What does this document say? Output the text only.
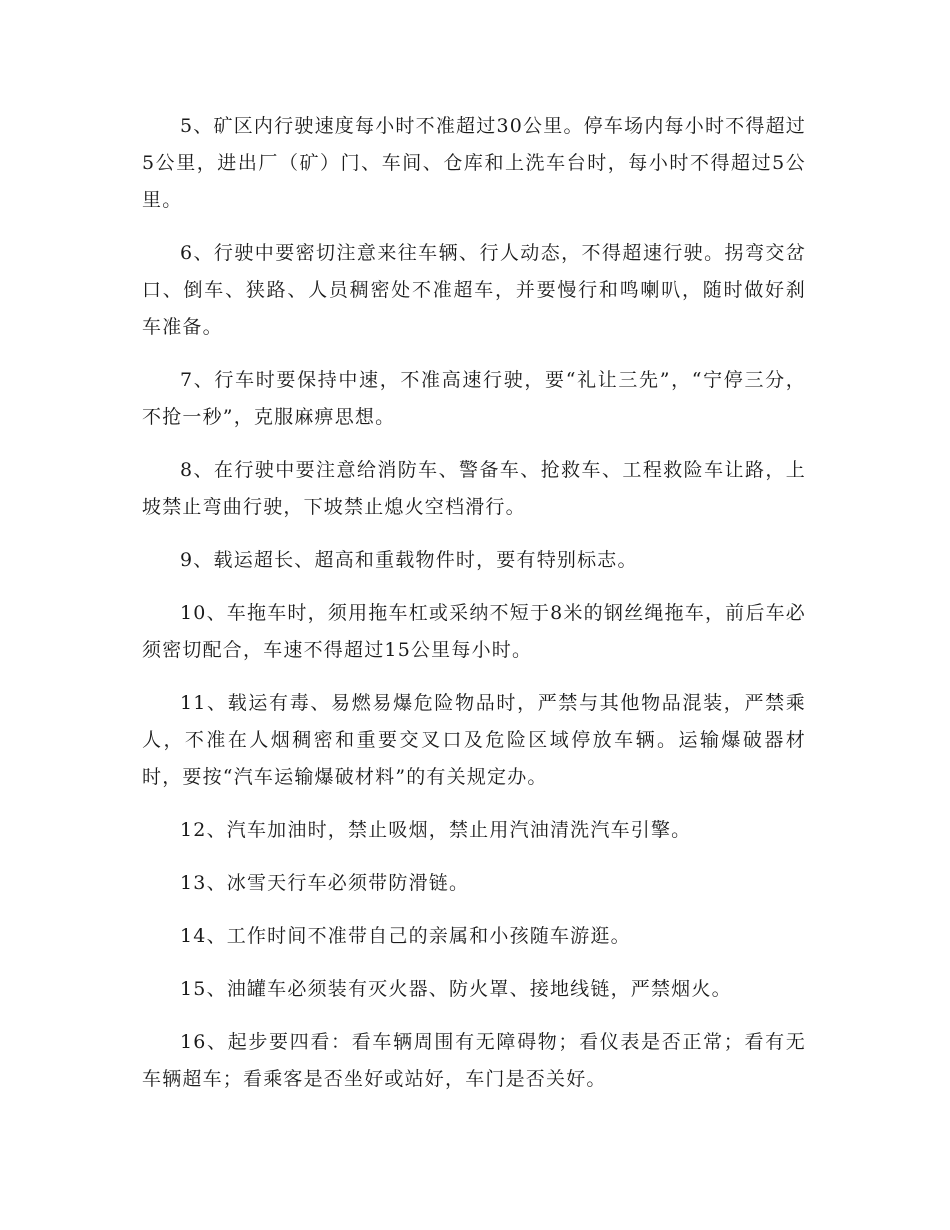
5、矿区内行驶速度每小时不准超过30公里。停车场内每小时不得超过5公里，进出厂（矿）门、车间、仓库和上洗车台时，每小时不得超过5公里。

6、行驶中要密切注意来往车辆、行人动态，不得超速行驶。拐弯交岔口、倒车、狭路、人员稠密处不准超车，并要慢行和鸣喇叭，随时做好刹车准备。

7、行车时要保持中速，不准高速行驶，要“礼让三先”，“宁停三分，不抢一秒”，克服麻痹思想。

8、在行驶中要注意给消防车、警备车、抢救车、工程救险车让路，上坡禁止弯曲行驶，下坡禁止熄火空档滑行。

9、载运超长、超高和重载物件时，要有特别标志。

10、车拖车时，须用拖车杠或采纳不短于8米的钢丝绳拖车，前后车必须密切配合，车速不得超过15公里每小时。

11、载运有毒、易燃易爆危险物品时，严禁与其他物品混装，严禁乘人，不准在人烟稠密和重要交叉口及危险区域停放车辆。运输爆破器材时，要按“汽车运输爆破材料”的有关规定办。

12、汽车加油时，禁止吸烟，禁止用汽油清洗汽车引擎。

13、冰雪天行车必须带防滑链。

14、工作时间不准带自己的亲属和小孩随车游逛。

15、油罐车必须装有灭火器、防火罩、接地线链，严禁烟火。

16、起步要四看：看车辆周围有无障碍物；看仪表是否正常；看有无车辆超车；看乘客是否坐好或站好，车门是否关好。
